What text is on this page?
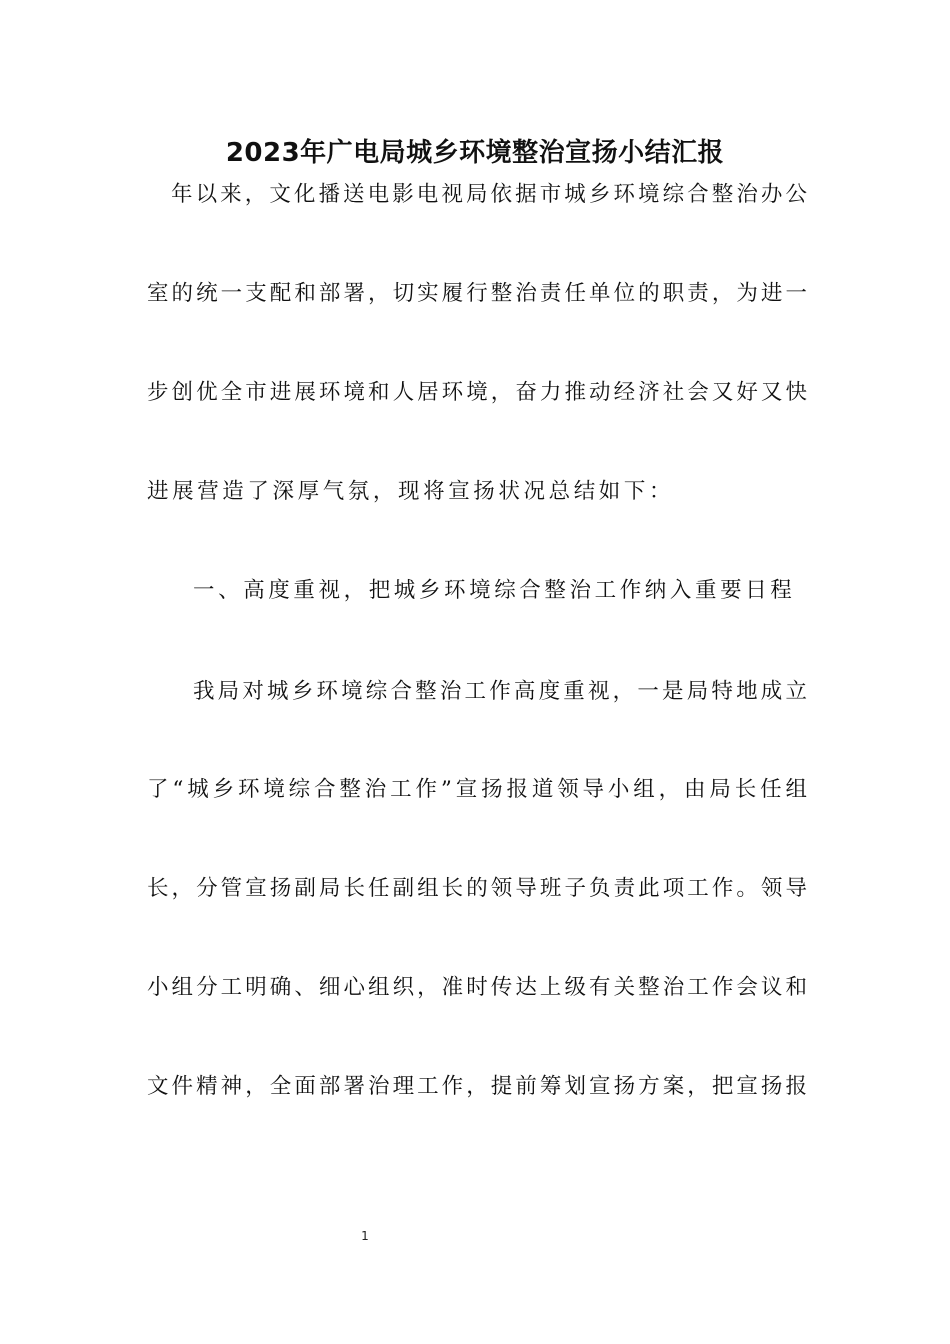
2023年广电局城乡环境整治宣扬小结汇报
年以来，文化播送电影电视局依据市城乡环境综合整治办公
室的统一支配和部署，切实履行整治责任单位的职责，为进一
步创优全市进展环境和人居环境，奋力推动经济社会又好又快
进展营造了深厚气氛，现将宣扬状况总结如下：
一、高度重视，把城乡环境综合整治工作纳入重要日程
我局对城乡环境综合整治工作高度重视，一是局特地成立
了“城乡环境综合整治工作”宣扬报道领导小组，由局长任组
长，分管宣扬副局长任副组长的领导班子负责此项工作。领导
小组分工明确、细心组织，准时传达上级有关整治工作会议和
文件精神，全面部署治理工作，提前筹划宣扬方案，把宣扬报
1
